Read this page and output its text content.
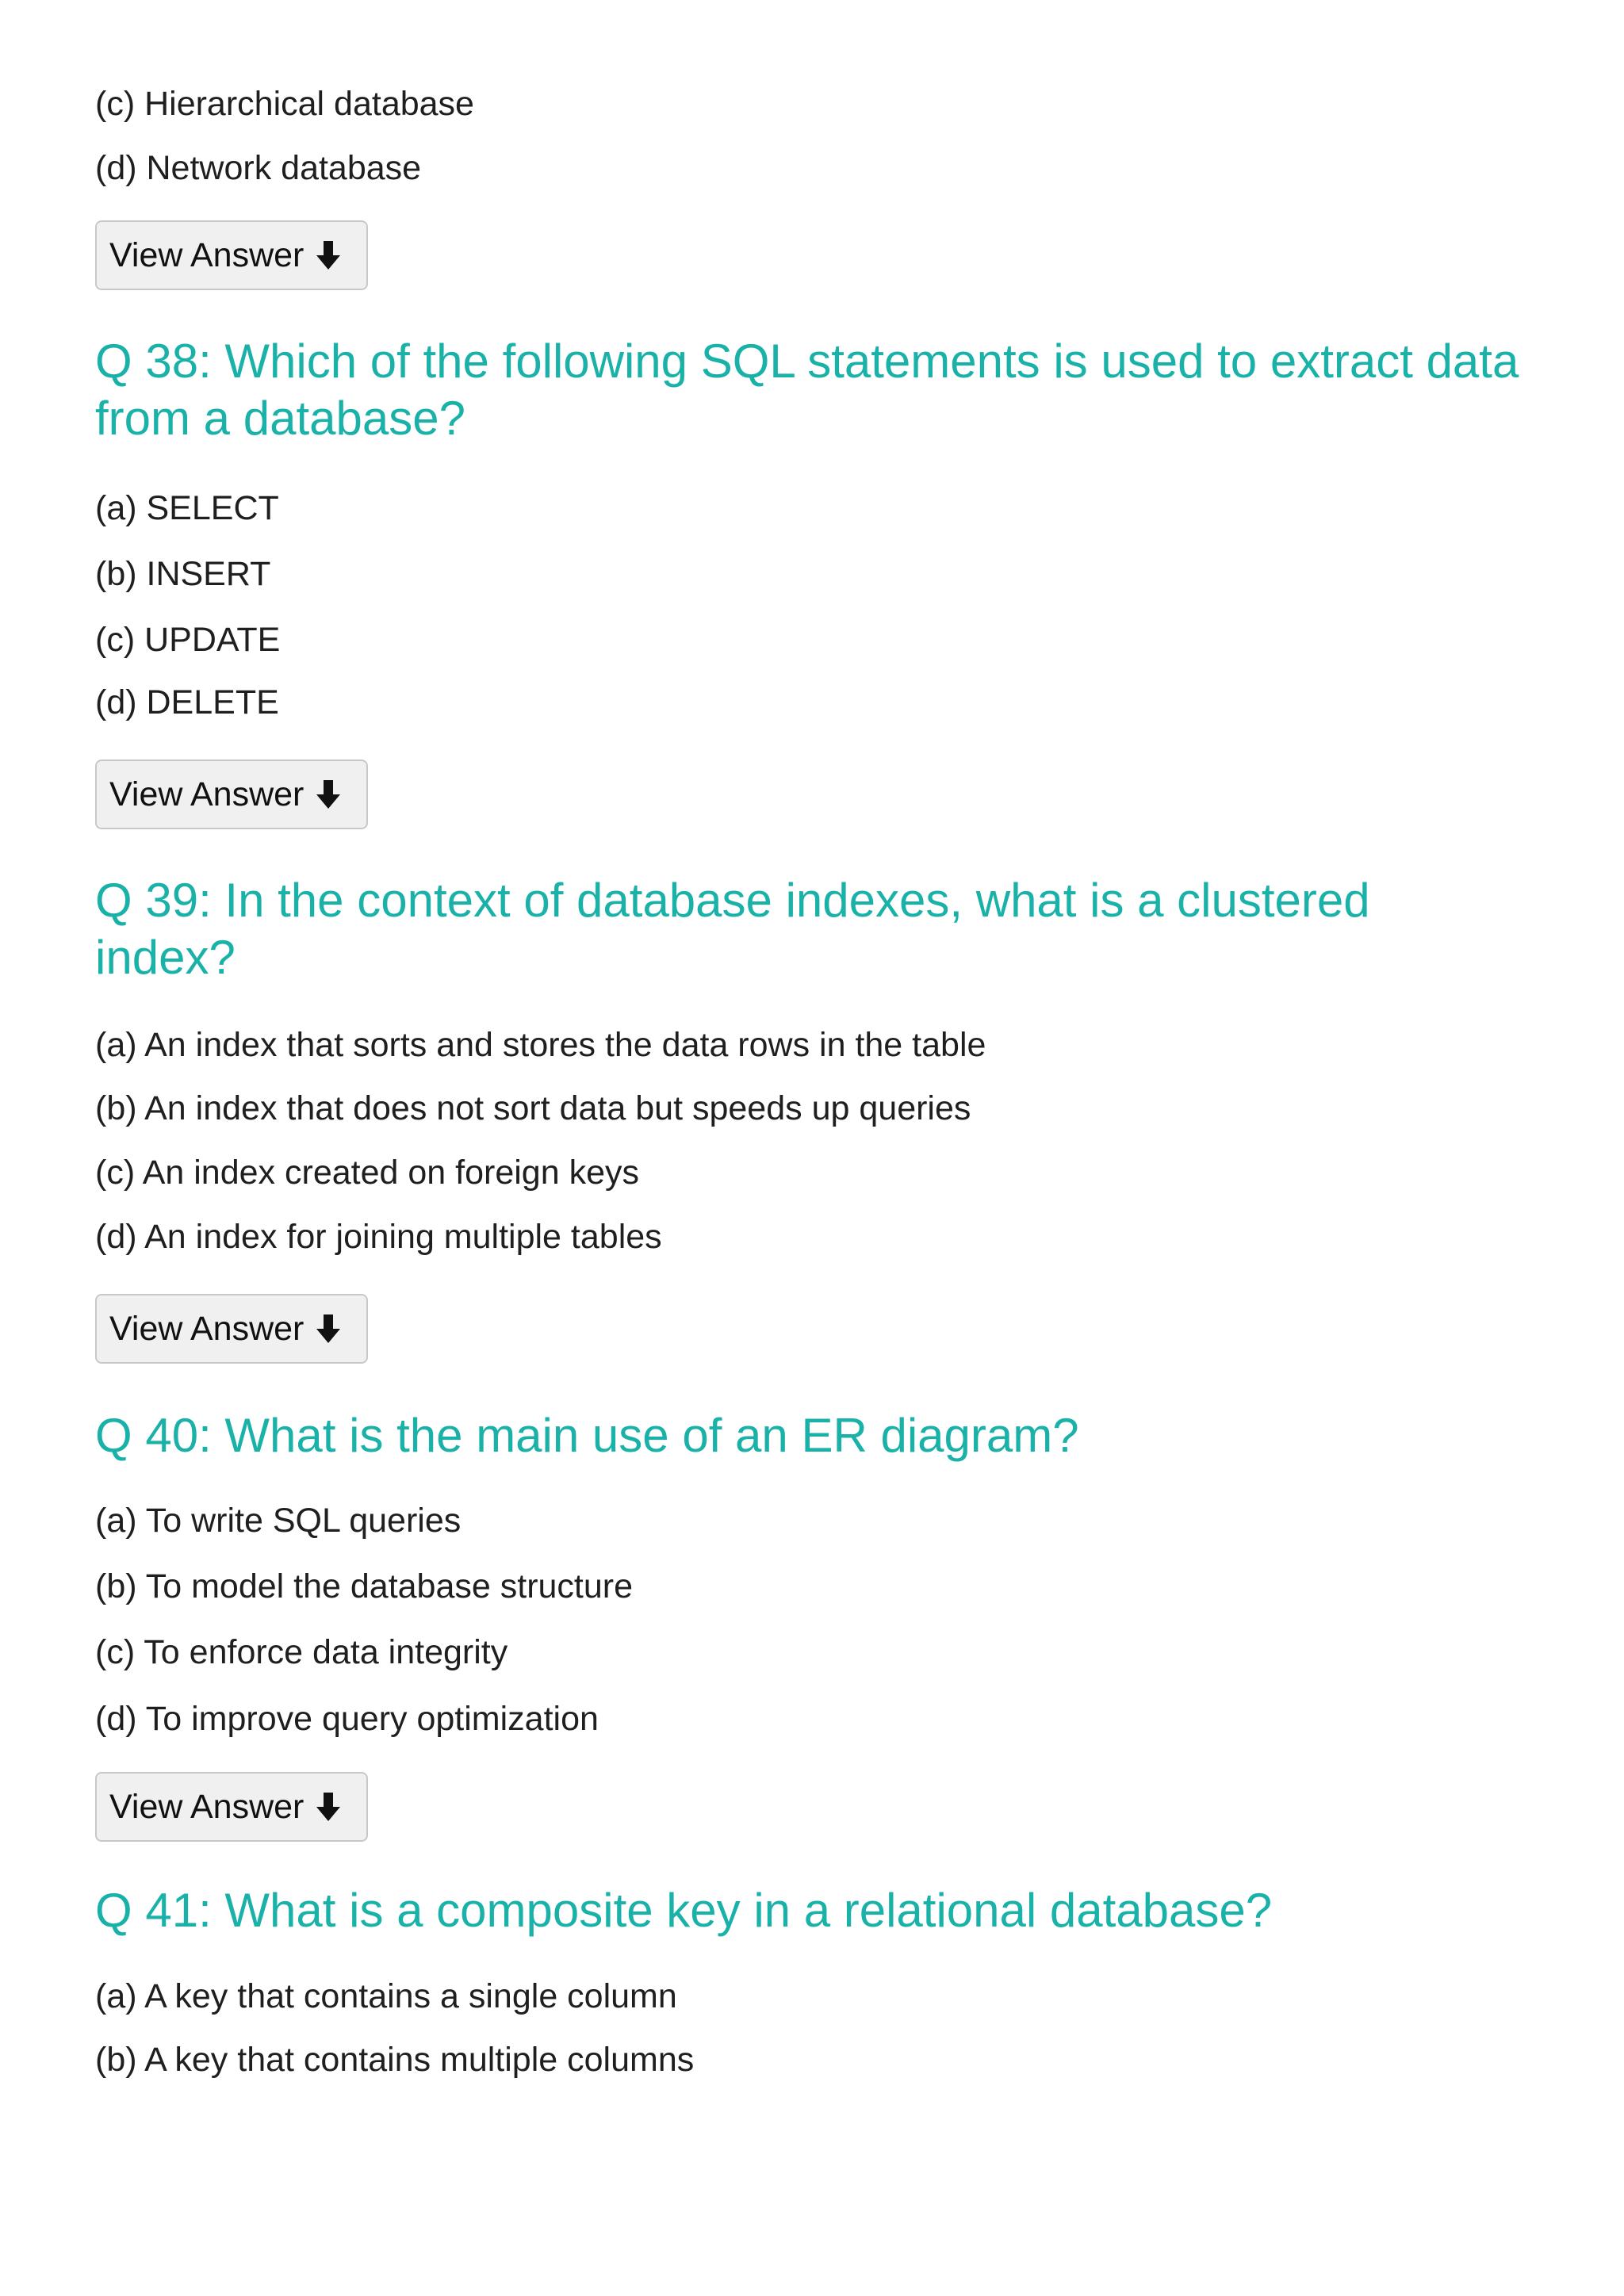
(c) Hierarchical database
(d) Network database
View Answer
Q 38: Which of the following SQL statements is used to extract data from a database?
(a) SELECT
(b) INSERT
(c) UPDATE
(d) DELETE
View Answer
Q 39: In the context of database indexes, what is a clustered index?
(a) An index that sorts and stores the data rows in the table
(b) An index that does not sort data but speeds up queries
(c) An index created on foreign keys
(d) An index for joining multiple tables
View Answer
Q 40: What is the main use of an ER diagram?
(a) To write SQL queries
(b) To model the database structure
(c) To enforce data integrity
(d) To improve query optimization
View Answer
Q 41: What is a composite key in a relational database?
(a) A key that contains a single column
(b) A key that contains multiple columns
